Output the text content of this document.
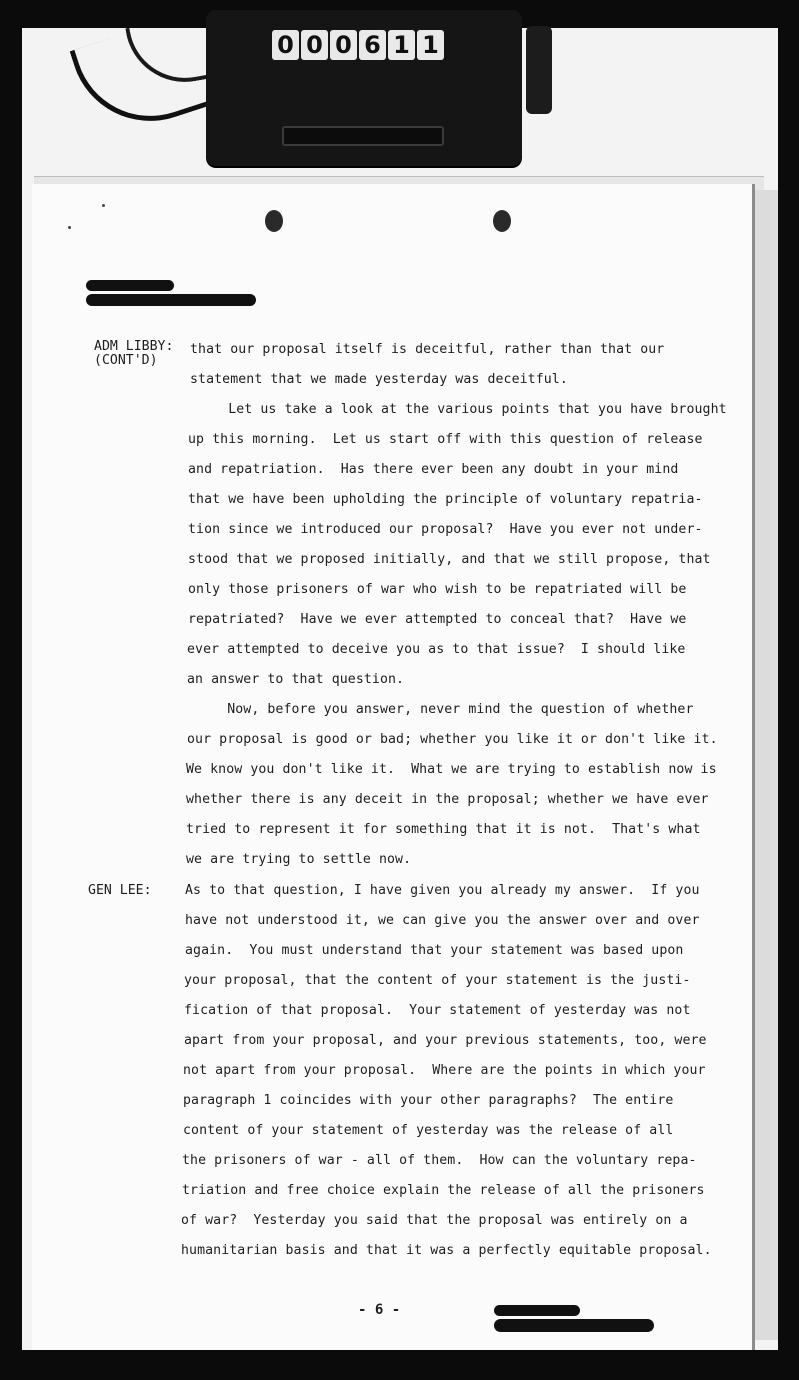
0 0 0 6 1 1
ADM LIBBY:
(CONT'D)
GEN LEE:
that our proposal itself is deceitful, rather than that our
statement that we made yesterday was deceitful.
Let us take a look at the various points that you have brought
up this morning.  Let us start off with this question of release
and repatriation.  Has there ever been any doubt in your mind
that we have been upholding the principle of voluntary repatria-
tion since we introduced our proposal?  Have you ever not under-
stood that we proposed initially, and that we still propose, that
only those prisoners of war who wish to be repatriated will be
repatriated?  Have we ever attempted to conceal that?  Have we
ever attempted to deceive you as to that issue?  I should like
an answer to that question.
Now, before you answer, never mind the question of whether
our proposal is good or bad; whether you like it or don't like it.
We know you don't like it.  What we are trying to establish now is
whether there is any deceit in the proposal; whether we have ever
tried to represent it for something that it is not.  That's what
we are trying to settle now.
As to that question, I have given you already my answer.  If you
have not understood it, we can give you the answer over and over
again.  You must understand that your statement was based upon
your proposal, that the content of your statement is the justi-
fication of that proposal.  Your statement of yesterday was not
apart from your proposal, and your previous statements, too, were
not apart from your proposal.  Where are the points in which your
paragraph 1 coincides with your other paragraphs?  The entire
content of your statement of yesterday was the release of all
the prisoners of war - all of them.  How can the voluntary repa-
triation and free choice explain the release of all the prisoners
of war?  Yesterday you said that the proposal was entirely on a
humanitarian basis and that it was a perfectly equitable proposal.
- 6 -
